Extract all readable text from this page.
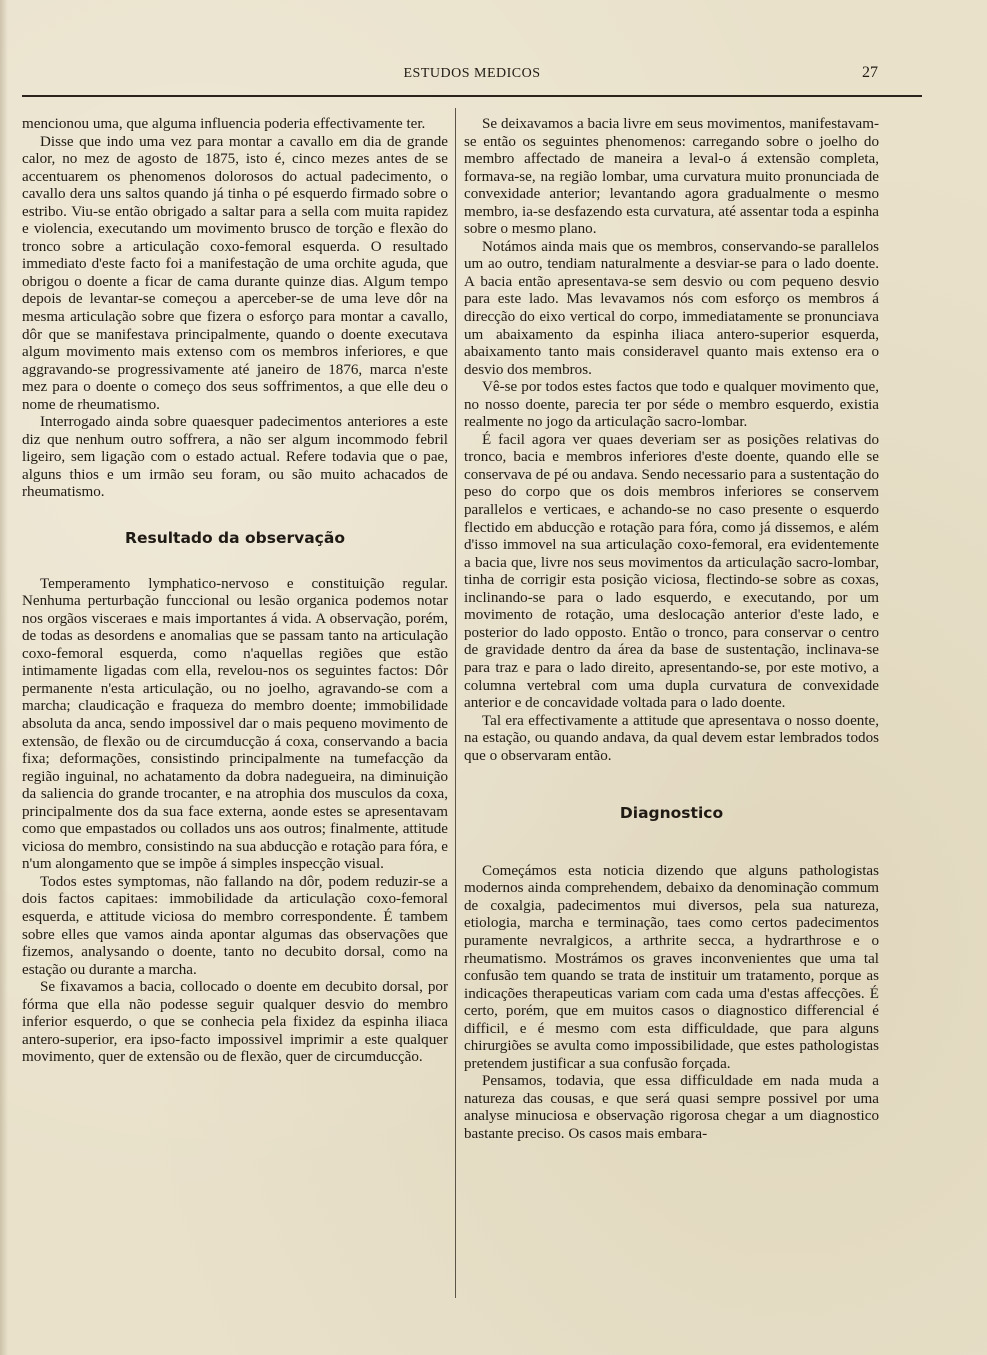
ESTUDOS MEDICOS	27

mencionou uma, que alguma influencia poderia effectivamente ter.

Disse que indo uma vez para montar a cavallo em dia de grande calor, no mez de agosto de 1875, isto é, cinco mezes antes de se accentuarem os phenomenos dolorosos do actual padecimento, o cavallo dera uns saltos quando já tinha o pé esquerdo firmado sobre o estribo. Viu-se então obrigado a saltar para a sella com muita rapidez e violencia, executando um movimento brusco de torção e flexão do tronco sobre a articulação coxo-femoral esquerda. O resultado immediato d'este facto foi a manifestação de uma orchite aguda, que obrigou o doente a ficar de cama durante quinze dias. Algum tempo depois de levantar-se começou a aperceber-se de uma leve dôr na mesma articulação sobre que fizera o esforço para montar a cavallo, dôr que se manifestava principalmente, quando o doente executava algum movimento mais extenso com os membros inferiores, e que aggravando-se progressivamente até janeiro de 1876, marca n'este mez para o doente o começo dos seus soffrimentos, a que elle deu o nome de rheumatismo.

Interrogado ainda sobre quaesquer padecimentos anteriores a este diz que nenhum outro soffrera, a não ser algum incommodo febril ligeiro, sem ligação com o estado actual. Refere todavia que o pae, alguns thios e um irmão seu foram, ou são muito achacados de rheumatismo.

Resultado da observação

Temperamento lymphatico-nervoso e constituição regular. Nenhuma perturbação funccional ou lesão organica podemos notar nos orgãos visceraes e mais importantes á vida. A observação, porém, de todas as desordens e anomalias que se passam tanto na articulação coxo-femoral esquerda, como n'aquellas regiões que estão intimamente ligadas com ella, revelou-nos os seguintes factos: Dôr permanente n'esta articulação, ou no joelho, agravando-se com a marcha; claudicação e fraqueza do membro doente; immobilidade absoluta da anca, sendo impossivel dar o mais pequeno movimento de extensão, de flexão ou de circumducção á coxa, conservando a bacia fixa; deformações, consistindo principalmente na tumefacção da região inguinal, no achatamento da dobra nadegueira, na diminuição da saliencia do grande trocanter, e na atrophia dos musculos da coxa, principalmente dos da sua face externa, aonde estes se apresentavam como que empastados ou collados uns aos outros; finalmente, attitude viciosa do membro, consistindo na sua abducção e rotação para fóra, e n'um alongamento que se impõe á simples inspecção visual.

Todos estes symptomas, não fallando na dôr, podem reduzir-se a dois factos capitaes: immobilidade da articulação coxo-femoral esquerda, e attitude viciosa do membro correspondente. É tambem sobre elles que vamos ainda apontar algumas das observações que fizemos, analysando o doente, tanto no decubito dorsal, como na estação ou durante a marcha.

Se fixavamos a bacia, collocado o doente em decubito dorsal, por fórma que ella não podesse seguir qualquer desvio do membro inferior esquerdo, o que se conhecia pela fixidez da espinha iliaca antero-superior, era ipso-facto impossivel imprimir a este qualquer movimento, quer de extensão ou de flexão, quer de circumducção.

Se deixavamos a bacia livre em seus movimentos, manifestavam-se então os seguintes phenomenos: carregando sobre o joelho do membro affectado de maneira a leval-o á extensão completa, formava-se, na região lombar, uma curvatura muito pronunciada de convexidade anterior; levantando agora gradualmente o mesmo membro, ia-se desfazendo esta curvatura, até assentar toda a espinha sobre o mesmo plano.

Notámos ainda mais que os membros, conservando-se parallelos um ao outro, tendiam naturalmente a desviar-se para o lado doente. A bacia então apresentava-se sem desvio ou com pequeno desvio para este lado. Mas levavamos nós com esforço os membros á direcção do eixo vertical do corpo, immediatamente se pronunciava um abaixamento da espinha iliaca antero-superior esquerda, abaixamento tanto mais consideravel quanto mais extenso era o desvio dos membros.

Vê-se por todos estes factos que todo e qualquer movimento que, no nosso doente, parecia ter por séde o membro esquerdo, existia realmente no jogo da articulação sacro-lombar.

É facil agora ver quaes deveriam ser as posições relativas do tronco, bacia e membros inferiores d'este doente, quando elle se conservava de pé ou andava. Sendo necessario para a sustentação do peso do corpo que os dois membros inferiores se conservem parallelos e verticaes, e achando-se no caso presente o esquerdo flectido em abducção e rotação para fóra, como já dissemos, e além d'isso immovel na sua articulação coxo-femoral, era evidentemente a bacia que, livre nos seus movimentos da articulação sacro-lombar, tinha de corrigir esta posição viciosa, flectindo-se sobre as coxas, inclinando-se para o lado esquerdo, e executando, por um movimento de rotação, uma deslocação anterior d'este lado, e posterior do lado opposto. Então o tronco, para conservar o centro de gravidade dentro da área da base de sustentação, inclinava-se para traz e para o lado direito, apresentando-se, por este motivo, a columna vertebral com uma dupla curvatura de convexidade anterior e de concavidade voltada para o lado doente.

Tal era effectivamente a attitude que apresentava o nosso doente, na estação, ou quando andava, da qual devem estar lembrados todos que o observaram então.

Diagnostico

Começámos esta noticia dizendo que alguns pathologistas modernos ainda comprehendem, debaixo da denominação commum de coxalgia, padecimentos mui diversos, pela sua natureza, etiologia, marcha e terminação, taes como certos padecimentos puramente nevralgicos, a arthrite secca, a hydrarthrose e o rheumatismo. Mostrámos os graves inconvenientes que uma tal confusão tem quando se trata de instituir um tratamento, porque as indicações therapeuticas variam com cada uma d'estas affecções. É certo, porém, que em muitos casos o diagnostico differencial é difficil, e é mesmo com esta difficuldade, que para alguns chirurgiões se avulta como impossibilidade, que estes pathologistas pretendem justificar a sua confusão forçada.

Pensamos, todavia, que essa difficuldade em nada muda a natureza das cousas, e que será quasi sempre possivel por uma analyse minuciosa e observação rigorosa chegar a um diagnostico bastante preciso. Os casos mais embara-
